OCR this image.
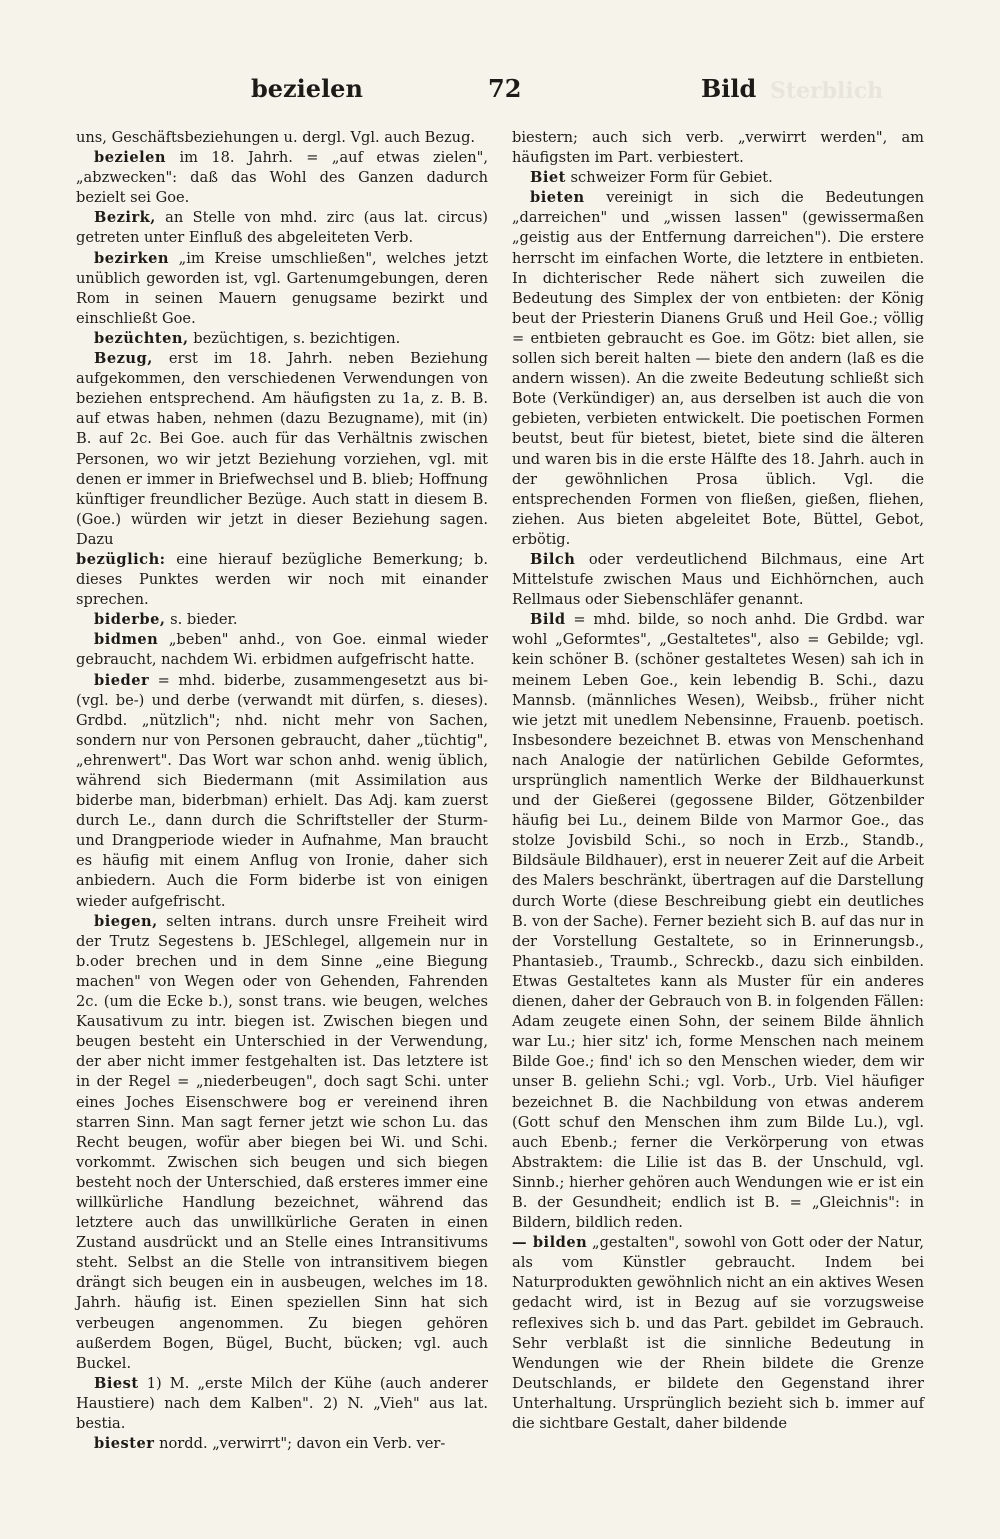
bezielen	72	Bild Sterblich

uns, Geschäftsbeziehungen u. dergl. Vgl. auch Bezug.

bezielen im 18. Jahrh. = „auf etwas zielen", „abzwecken": daß das Wohl des Ganzen dadurch bezielt sei Goe.

Bezirk, an Stelle von mhd. zirc (aus lat. circus) getreten unter Einfluß des abgeleiteten Verb.

bezirken „im Kreise umschließen", welches jetzt unüblich geworden ist, vgl. Gartenumgebungen, deren Rom in seinen Mauern genugsame bezirkt und einschließt Goe.

bezüchten, bezüchtigen, s. bezichtigen.

Bezug, erst im 18. Jahrh. neben Beziehung aufgekommen, den verschiedenen Verwendungen von beziehen entsprechend. Am häufigsten zu 1a, z. B. B. auf etwas haben, nehmen (dazu Bezugname), mit (in) B. auf 2c. Bei Goe. auch für das Verhältnis zwischen Personen, wo wir jetzt Beziehung vorziehen, vgl. mit denen er immer in Briefwechsel und B. blieb; Hoffnung künftiger freundlicher Bezüge. Auch statt in diesem B. (Goe.) würden wir jetzt in dieser Beziehung sagen. Dazu

bezüglich: eine hierauf bezügliche Bemerkung; b. dieses Punktes werden wir noch mit einander sprechen.

biderbe, s. bieder.

bidmen „beben" anhd., von Goe. einmal wieder gebraucht, nachdem Wi. erbidmen aufgefrischt hatte.

bieder = mhd. biderbe, zusammengesetzt aus bi- (vgl. be-) und derbe (verwandt mit dürfen, s. dieses). Grdbd. „nützlich"; nhd. nicht mehr von Sachen, sondern nur von Personen gebraucht, daher „tüchtig", „ehrenwert". Das Wort war schon anhd. wenig üblich, während sich Biedermann (mit Assimilation aus biderbe man, biderbman) erhielt. Das Adj. kam zuerst durch Le., dann durch die Schriftsteller der Sturm- und Drangperiode wieder in Aufnahme, Man braucht es häufig mit einem Anflug von Ironie, daher sich anbiedern. Auch die Form biderbe ist von einigen wieder aufgefrischt.

biegen, selten intrans. durch unsre Freiheit wird der Trutz Segestens b. JESchlegel, allgemein nur in b.oder brechen und in dem Sinne „eine Biegung machen" von Wegen oder von Gehenden, Fahrenden 2c. (um die Ecke b.), sonst trans. wie beugen, welches Kausativum zu intr. biegen ist. Zwischen biegen und beugen besteht ein Unterschied in der Verwendung, der aber nicht immer festgehalten ist. Das letztere ist in der Regel = „niederbeugen", doch sagt Schi. unter eines Joches Eisenschwere bog er vereinend ihren starren Sinn. Man sagt ferner jetzt wie schon Lu. das Recht beugen, wofür aber biegen bei Wi. und Schi. vorkommt. Zwischen sich beugen und sich biegen besteht noch der Unterschied, daß ersteres immer eine willkürliche Handlung bezeichnet, während das letztere auch das unwillkürliche Geraten in einen Zustand ausdrückt und an Stelle eines Intransitivums steht. Selbst an die Stelle von intransitivem biegen drängt sich beugen ein in ausbeugen, welches im 18. Jahrh. häufig ist. Einen speziellen Sinn hat sich verbeugen angenommen. Zu biegen gehören außerdem Bogen, Bügel, Bucht, bücken; vgl. auch Buckel.

Biest 1) M. „erste Milch der Kühe (auch anderer Haustiere) nach dem Kalben". 2) N. „Vieh" aus lat. bestia.

biester nordd. „verwirrt"; davon ein Verb. ver-

biestern; auch sich verb. „verwirrt werden", am häufigsten im Part. verbiestert.

Biet schweizer Form für Gebiet.

bieten vereinigt in sich die Bedeutungen „darreichen" und „wissen lassen" (gewissermaßen „geistig aus der Entfernung darreichen"). Die erstere herrscht im einfachen Worte, die letztere in entbieten. In dichterischer Rede nähert sich zuweilen die Bedeutung des Simplex der von entbieten: der König beut der Priesterin Dianens Gruß und Heil Goe.; völlig = entbieten gebraucht es Goe. im Götz: biet allen, sie sollen sich bereit halten — biete den andern (laß es die andern wissen). An die zweite Bedeutung schließt sich Bote (Verkündiger) an, aus derselben ist auch die von gebieten, verbieten entwickelt. Die poetischen Formen beutst, beut für bietest, bietet, biete sind die älteren und waren bis in die erste Hälfte des 18. Jahrh. auch in der gewöhnlichen Prosa üblich. Vgl. die entsprechenden Formen von fließen, gießen, fliehen, ziehen. Aus bieten abgeleitet Bote, Büttel, Gebot, erbötig.

Bilch oder verdeutlichend Bilchmaus, eine Art Mittelstufe zwischen Maus und Eichhörnchen, auch Rellmaus oder Siebenschläfer genannt.

Bild = mhd. bilde, so noch anhd. Die Grdbd. war wohl „Geformtes", „Gestaltetes", also = Gebilde; vgl. kein schöner B. (schöner gestaltetes Wesen) sah ich in meinem Leben Goe., kein lebendig B. Schi., dazu Mannsb. (männliches Wesen), Weibsb., früher nicht wie jetzt mit unedlem Nebensinne, Frauenb. poetisch. Insbesondere bezeichnet B. etwas von Menschenhand nach Analogie der natürlichen Gebilde Geformtes, ursprünglich namentlich Werke der Bildhauerkunst und der Gießerei (gegossene Bilder, Götzenbilder häufig bei Lu., deinem Bilde von Marmor Goe., das stolze Jovisbild Schi., so noch in Erzb., Standb., Bildsäule Bildhauer), erst in neuerer Zeit auf die Arbeit des Malers beschränkt, übertragen auf die Darstellung durch Worte (diese Beschreibung giebt ein deutliches B. von der Sache). Ferner bezieht sich B. auf das nur in der Vorstellung Gestaltete, so in Erinnerungsb., Phantasieb., Traumb., Schreckb., dazu sich einbilden. Etwas Gestaltetes kann als Muster für ein anderes dienen, daher der Gebrauch von B. in folgenden Fällen: Adam zeugete einen Sohn, der seinem Bilde ähnlich war Lu.; hier sitz' ich, forme Menschen nach meinem Bilde Goe.; find' ich so den Menschen wieder, dem wir unser B. geliehn Schi.; vgl. Vorb., Urb. Viel häufiger bezeichnet B. die Nachbildung von etwas anderem (Gott schuf den Menschen ihm zum Bilde Lu.), vgl. auch Ebenb.; ferner die Verkörperung von etwas Abstraktem: die Lilie ist das B. der Unschuld, vgl. Sinnb.; hierher gehören auch Wendungen wie er ist ein B. der Gesundheit; endlich ist B. = „Gleichnis": in Bildern, bildlich reden.

— bilden „gestalten", sowohl von Gott oder der Natur, als vom Künstler gebraucht. Indem bei Naturprodukten gewöhnlich nicht an ein aktives Wesen gedacht wird, ist in Bezug auf sie vorzugsweise reflexives sich b. und das Part. gebildet im Gebrauch. Sehr verblaßt ist die sinnliche Bedeutung in Wendungen wie der Rhein bildete die Grenze Deutschlands, er bildete den Gegenstand ihrer Unterhaltung. Ursprünglich bezieht sich b. immer auf die sichtbare Gestalt, daher bildende
